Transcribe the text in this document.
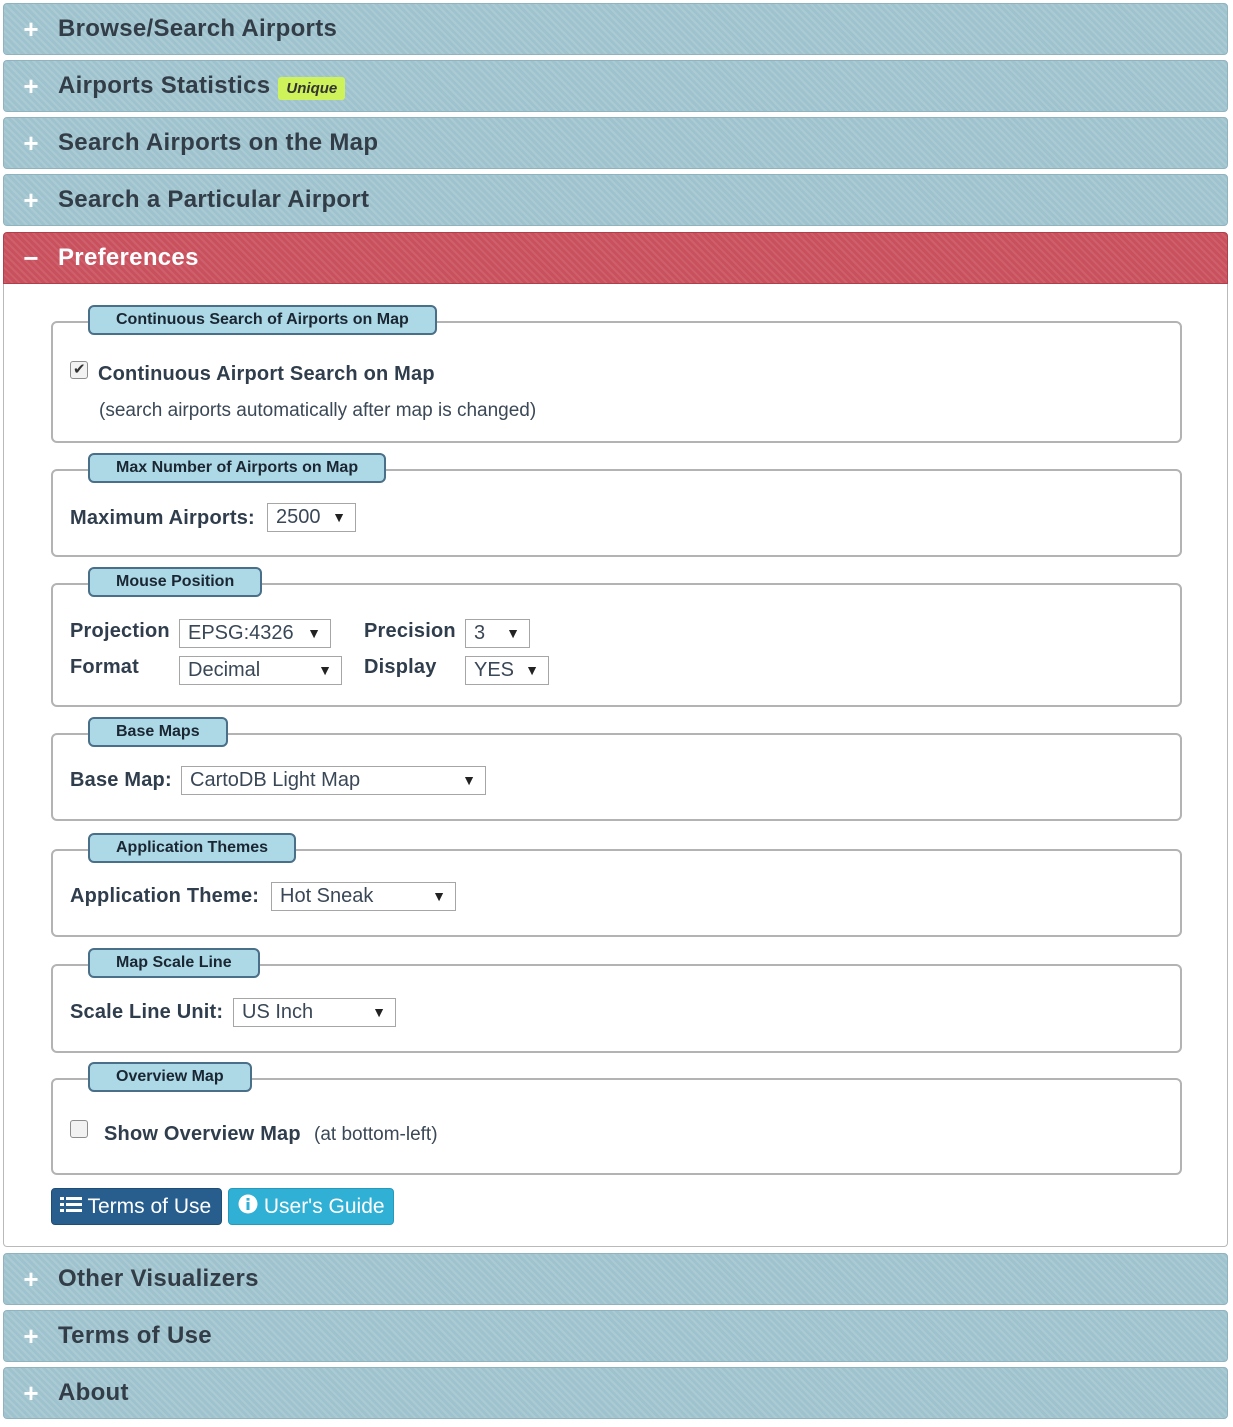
+ Browse/Search Airports
+ Airports Statistics	Unique
+ Search Airports on the Map
+ Search a Particular Airport
− Preferences
Continuous Search of Airports on Map
✔
Continuous Airport Search on Map
(search airports automatically after map is changed)
Max Number of Airports on Map
Maximum Airports:	2500 ▼
Mouse Position
Projection EPSG:4326 ▼ Precision 3 ▼
Format	Decimal	▼ Display	YES ▼
Base Maps
Base Map: CartoDB Light Map	▼
Application Themes
Application Theme:	Hot Sneak	▼
Map Scale Line
Scale Line Unit: US Inch	▼
Overview Map
Show Overview Map (at bottom-left)
Terms of Use	User's Guide
+ Other Visualizers
+ Terms of Use
+ About
